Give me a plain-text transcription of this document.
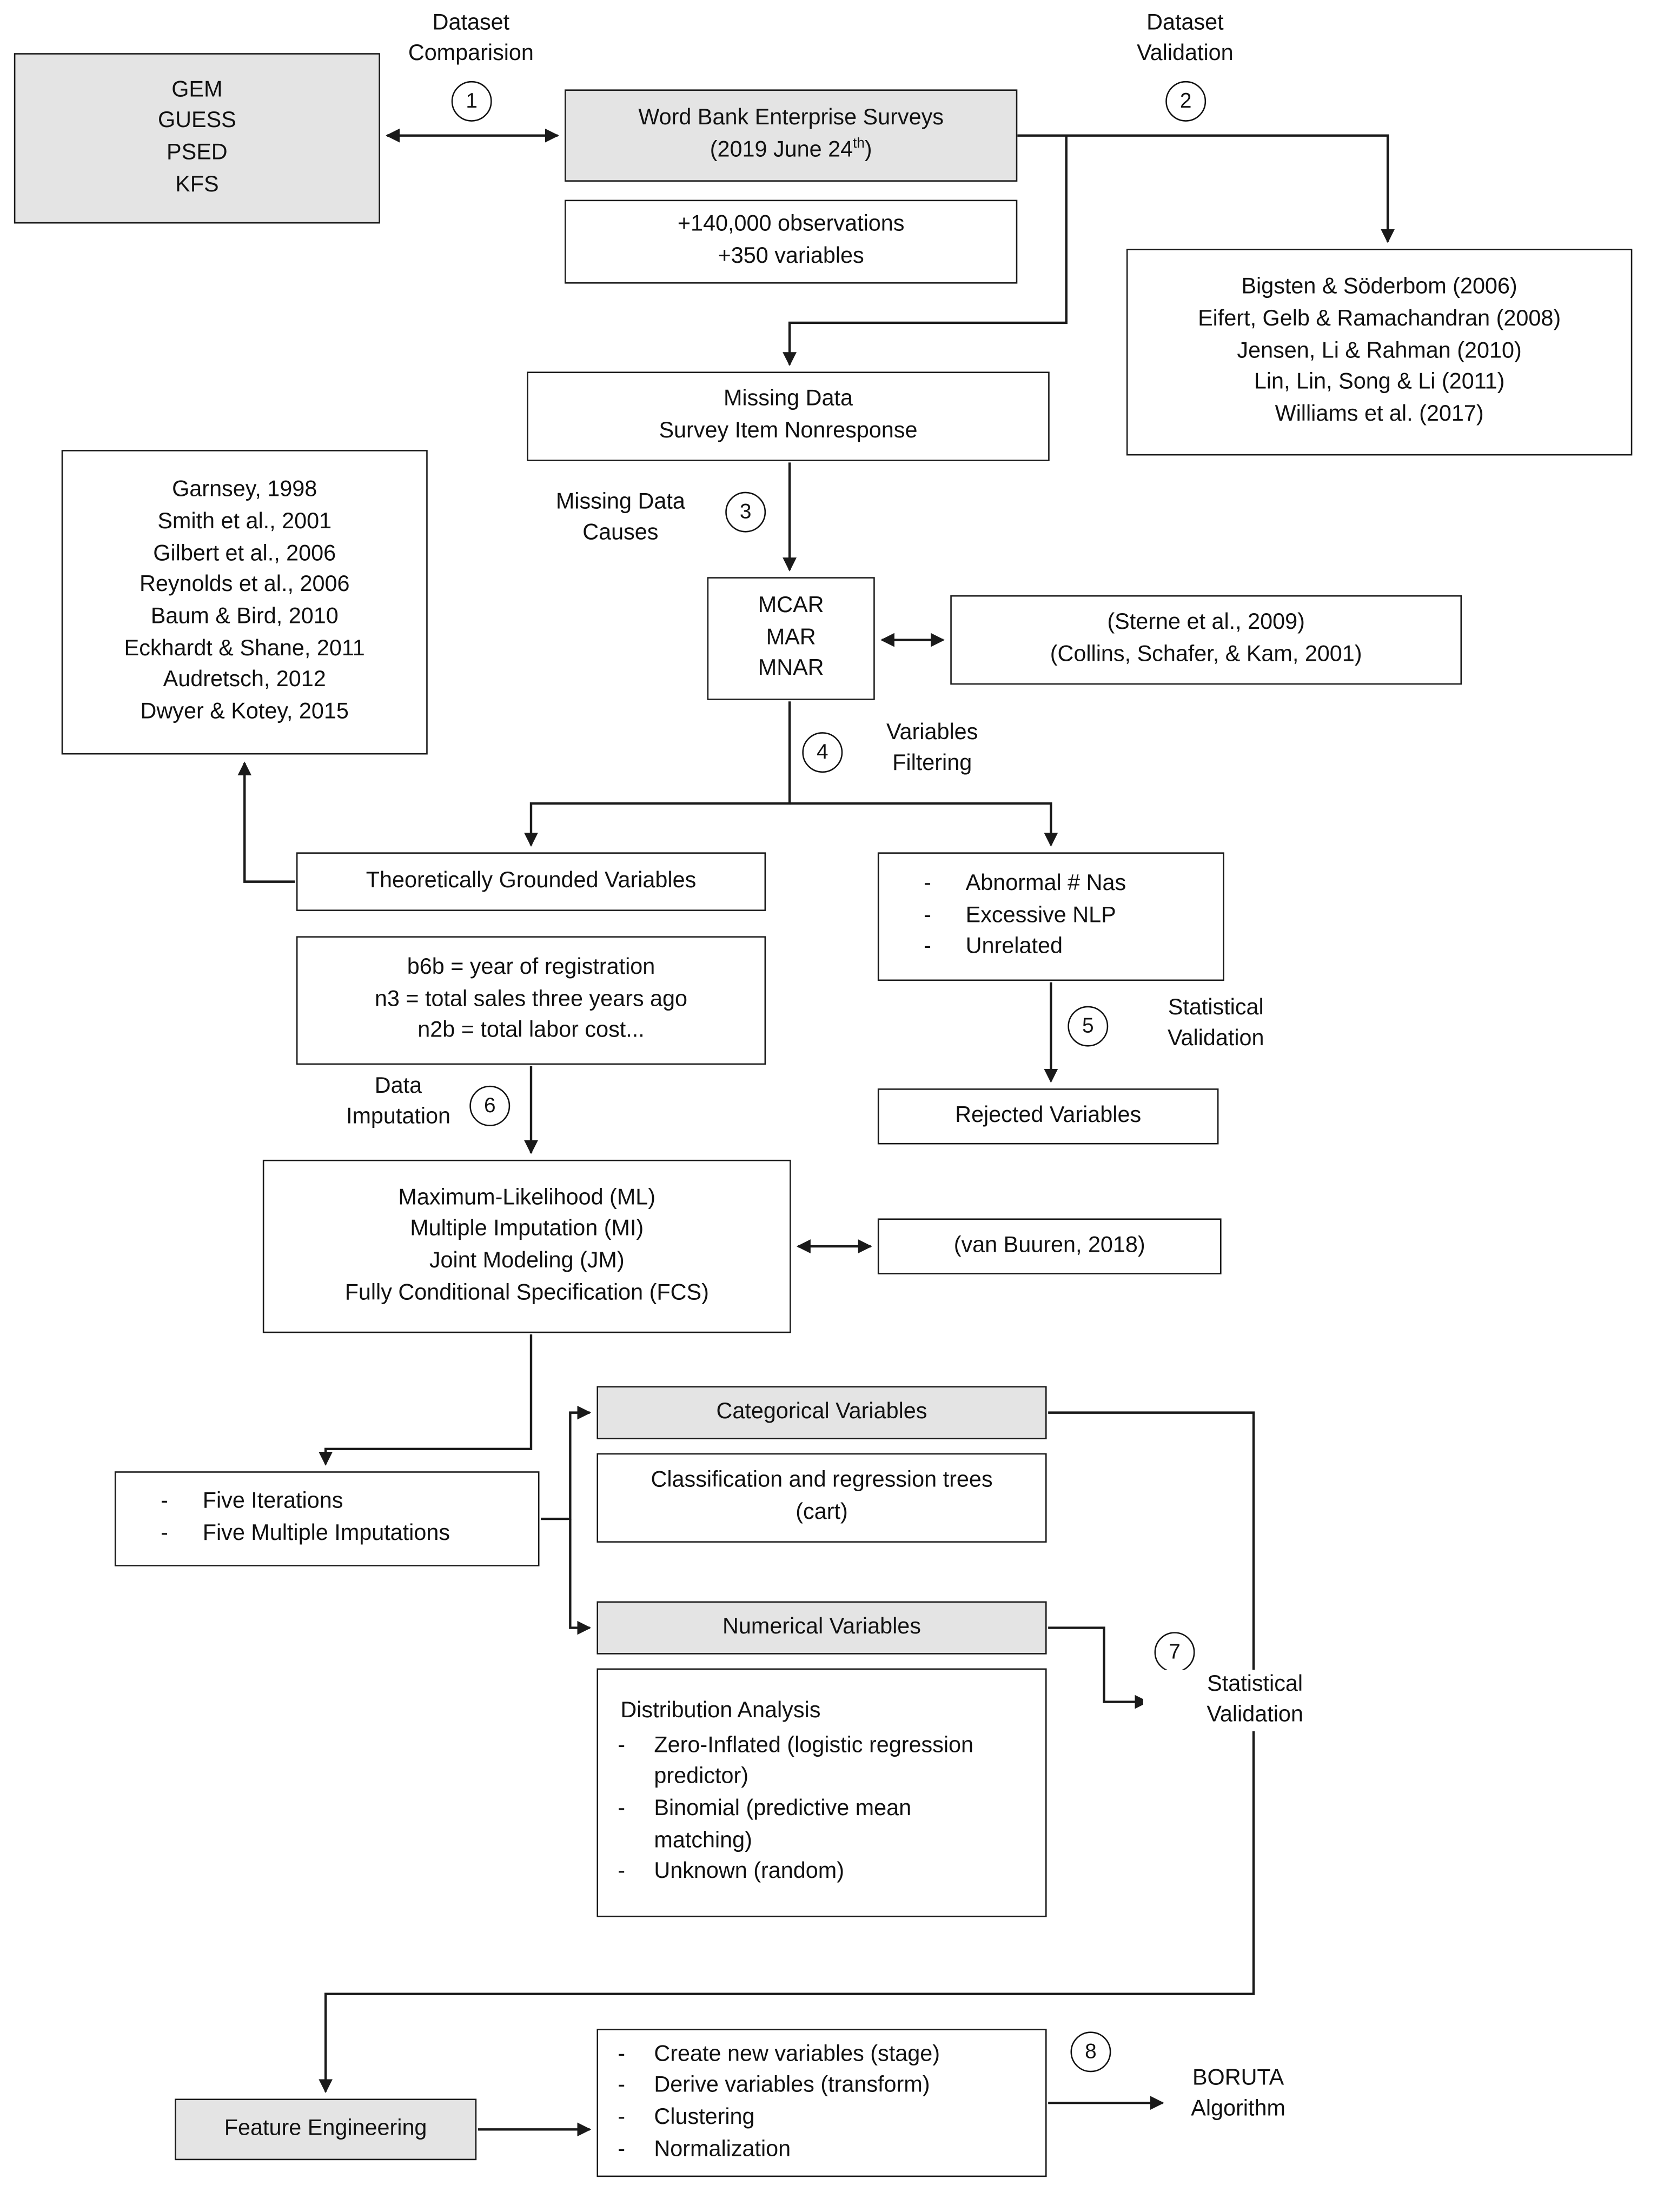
1	2
3
4
5
6
7
8
Dataset
Comparision
Dataset
Validation
Missing Data
Causes
Variables
Filtering
Statistical
Validation
Data
Imputation
Statistical
Validation
BORUTA
Algorithm
GEM
GUESS
PSED
KFS
Word Bank Enterprise Surveys
(2019 June 24th)
+140,000 observations
+350 variables
Bigsten & Söderbom (2006)
Eifert, Gelb & Ramachandran (2008)
Jensen, Li & Rahman (2010)
Lin, Lin, Song & Li (2011)
Williams et al. (2017)
Missing Data
Survey Item Nonresponse
MCAR
MAR
MNAR
(Sterne et al., 2009)
(Collins, Schafer, & Kam, 2001)
Garnsey, 1998
Smith et al., 2001
Gilbert et al., 2006
Reynolds et al., 2006
Baum & Bird, 2010
Eckhardt & Shane, 2011
Audretsch, 2012
Dwyer & Kotey, 2015
Theoretically Grounded Variables	-	Abnormal # Nas
-	Excessive NLP
-	Unrelated
b6b = year of registration
n3 = total sales three years ago
n2b = total labor cost...
Rejected Variables
Maximum-Likelihood (ML)
Multiple Imputation (MI)
Joint Modeling (JM)
Fully Conditional Specification (FCS)
(van Buuren, 2018)
-	Five Iterations
-	Five Multiple Imputations
Categorical Variables
Classification and regression trees (cart)
Numerical Variables
Distribution Analysis
-	Zero-Inflated (logistic regression predictor)
-	Binomial (predictive mean matching)
-	Unknown (random)
Feature Engineering
-	Create new variables (stage)
-	Derive variables (transform)
-	Clustering
-	Normalization
